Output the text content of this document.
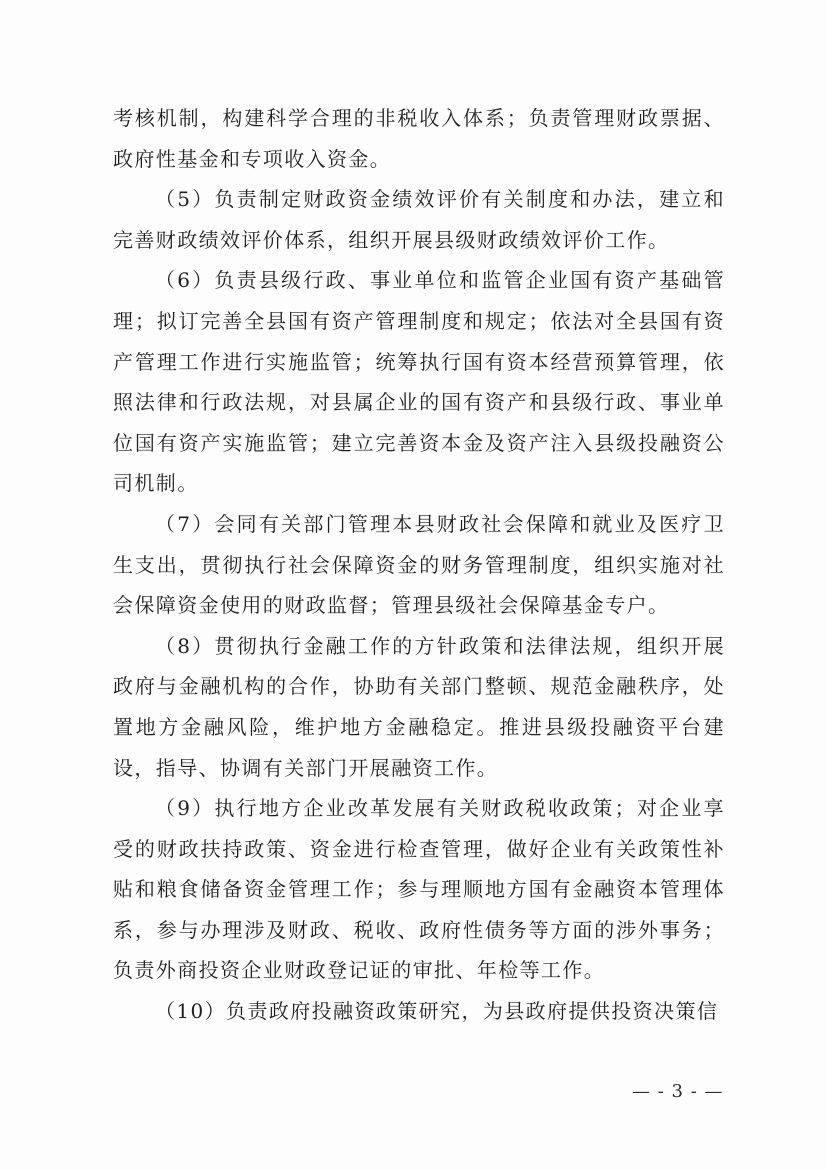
考核机制，构建科学合理的非税收入体系；负责管理财政票据、政府性基金和专项收入资金。

（5）负责制定财政资金绩效评价有关制度和办法，建立和完善财政绩效评价体系，组织开展县级财政绩效评价工作。

（6）负责县级行政、事业单位和监管企业国有资产基础管理；拟订完善全县国有资产管理制度和规定；依法对全县国有资产管理工作进行实施监管；统筹执行国有资本经营预算管理，依照法律和行政法规，对县属企业的国有资产和县级行政、事业单位国有资产实施监管；建立完善资本金及资产注入县级投融资公司机制。

（7）会同有关部门管理本县财政社会保障和就业及医疗卫生支出，贯彻执行社会保障资金的财务管理制度，组织实施对社会保障资金使用的财政监督；管理县级社会保障基金专户。

（8）贯彻执行金融工作的方针政策和法律法规，组织开展政府与金融机构的合作，协助有关部门整顿、规范金融秩序，处置地方金融风险，维护地方金融稳定。推进县级投融资平台建设，指导、协调有关部门开展融资工作。

（9）执行地方企业改革发展有关财政税收政策；对企业享受的财政扶持政策、资金进行检查管理，做好企业有关政策性补贴和粮食储备资金管理工作；参与理顺地方国有金融资本管理体系，参与办理涉及财政、税收、政府性债务等方面的涉外事务；负责外商投资企业财政登记证的审批、年检等工作。

（10）负责政府投融资政策研究，为县政府提供投资决策信

— - 3 - —
